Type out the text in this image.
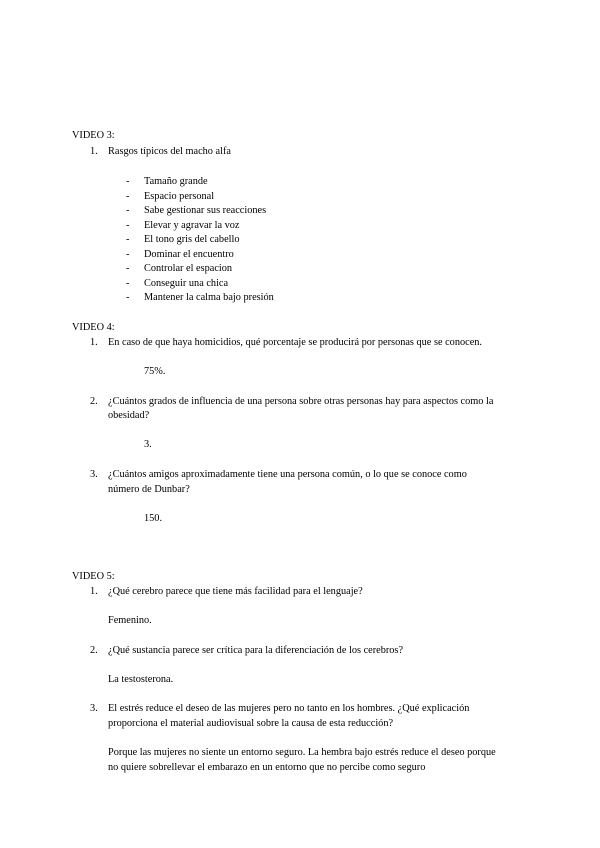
VIDEO 3:
1. Rasgos típicos del macho alfa
- Tamaño grande
- Espacio personal
- Sabe gestionar sus reacciones
- Elevar y agravar la voz
- El tono gris del cabello
- Dominar el encuentro
- Controlar el espacion
- Conseguir una chica
- Mantener la calma bajo presión
VIDEO 4:
1. En caso de que haya homicidios, qué porcentaje se producirá por personas que se conocen.
75%.
2. ¿Cuántos grados de influencia de una persona sobre otras personas hay para aspectos como la
obesidad?
3.
3. ¿Cuántos amigos aproximadamente tiene una persona común, o lo que se conoce como
número de Dunbar?
150.
VIDEO 5:
1. ¿Qué cerebro parece que tiene más facilidad para el lenguaje?
Femenino.
2. ¿Qué sustancia parece ser crítica para la diferenciación de los cerebros?
La testosterona.
3. El estrés reduce el deseo de las mujeres pero no tanto en los hombres. ¿Qué explicación
proporciona el material audiovisual sobre la causa de esta reducción?
Porque las mujeres no siente un entorno seguro. La hembra bajo estrés reduce el deseo porque
no quiere sobrellevar el embarazo en un entorno que no percibe como seguro
